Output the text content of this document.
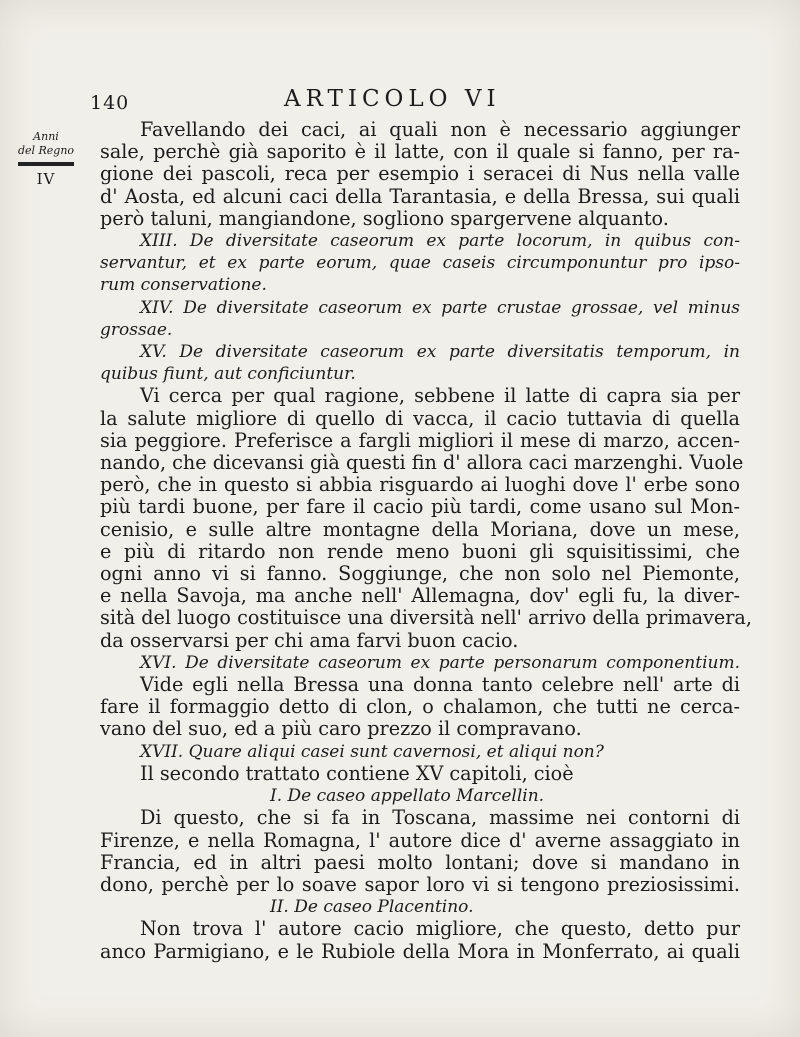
140	ARTICOLO VI
Anni
del Regno
IV
Favellando dei caci, ai quali non è necessario aggiunger
sale, perchè già saporito è il latte, con il quale si fanno, per ra-
gione dei pascoli, reca per esempio i seracei di Nus nella valle
d' Aosta, ed alcuni caci della Tarantasia, e della Bressa, sui quali
però taluni, mangiandone, sogliono spargervene alquanto.
XIII. De diversitate caseorum ex parte locorum, in quibus con-
servantur, et ex parte eorum, quae caseis circumponuntur pro ipso-
rum conservatione.
XIV. De diversitate caseorum ex parte crustae grossae, vel minus
grossae.
XV. De diversitate caseorum ex parte diversitatis temporum, in
quibus fiunt, aut conficiuntur.
Vi cerca per qual ragione, sebbene il latte di capra sia per
la salute migliore di quello di vacca, il cacio tuttavia di quella
sia peggiore. Preferisce a fargli migliori il mese di marzo, accen-
nando, che dicevansi già questi fin d' allora caci marzenghi. Vuole
però, che in questo si abbia risguardo ai luoghi dove l' erbe sono
più tardi buone, per fare il cacio più tardi, come usano sul Mon-
cenisio, e sulle altre montagne della Moriana, dove un mese,
e più di ritardo non rende meno buoni gli squisitissimi, che
ogni anno vi si fanno. Soggiunge, che non solo nel Piemonte,
e nella Savoja, ma anche nell' Allemagna, dov' egli fu, la diver-
sità del luogo costituisce una diversità nell' arrivo della primavera,
da osservarsi per chi ama farvi buon cacio.
XVI. De diversitate caseorum ex parte personarum componentium.
Vide egli nella Bressa una donna tanto celebre nell' arte di
fare il formaggio detto di clon, o chalamon, che tutti ne cerca-
vano del suo, ed a più caro prezzo il compravano.
XVII. Quare aliqui casei sunt cavernosi, et aliqui non?
Il secondo trattato contiene XV capitoli, cioè
I. De caseo appellato Marcellin.
Di questo, che si fa in Toscana, massime nei contorni di
Firenze, e nella Romagna, l' autore dice d' averne assaggiato in
Francia, ed in altri paesi molto lontani; dove si mandano in
dono, perchè per lo soave sapor loro vi si tengono preziosissimi.
II. De caseo Placentino.
Non trova l' autore cacio migliore, che questo, detto pur
anco Parmigiano, e le Rubiole della Mora in Monferrato, ai quali
